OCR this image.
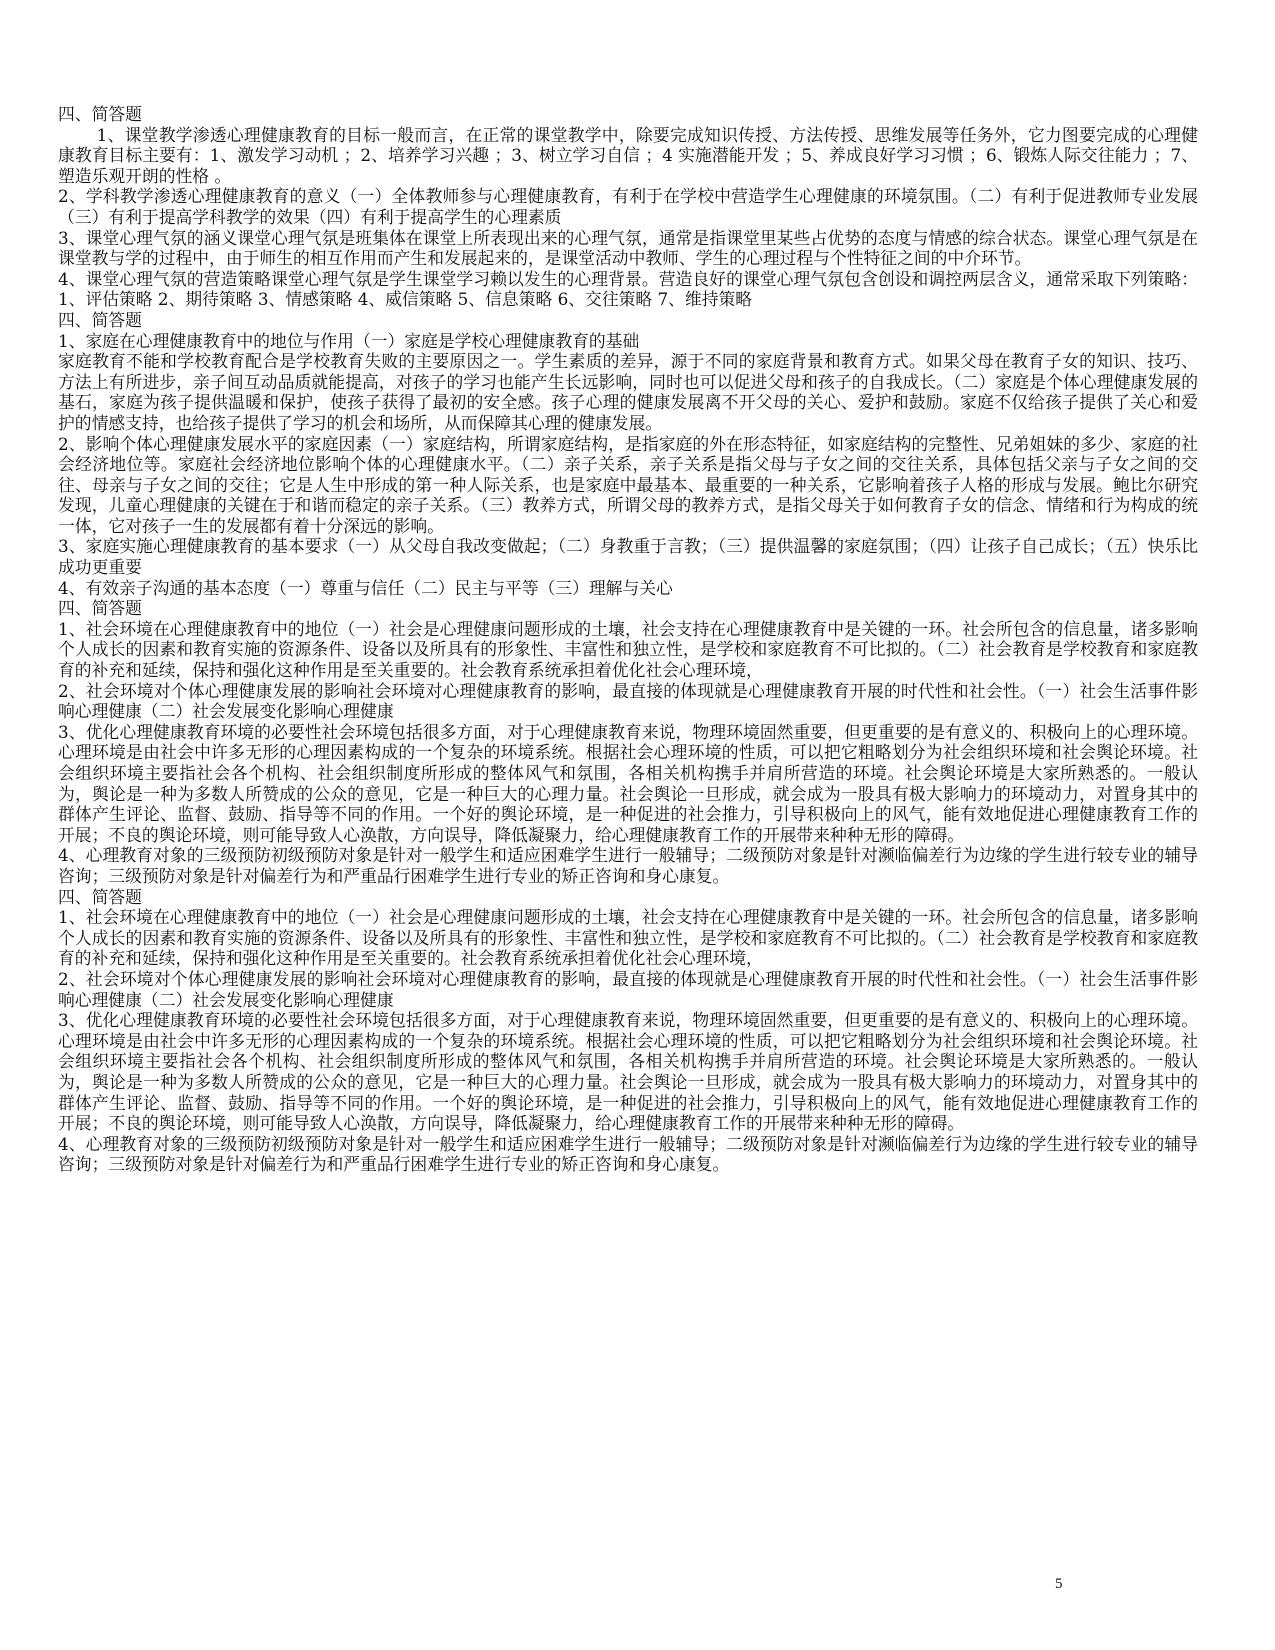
四、简答题

1、课堂教学渗透心理健康教育的目标一般而言，在正常的课堂教学中，除要完成知识传授、方法传授、思维发展等任务外，它力图要完成的心理健康教育目标主要有：1、激发学习动机 ；2、培养学习兴趣 ；3、树立学习自信 ；4 实施潜能开发 ；5、养成良好学习习惯 ；6、锻炼人际交往能力 ；7、塑造乐观开朗的性格 。

2、学科教学渗透心理健康教育的意义（一）全体教师参与心理健康教育，有利于在学校中营造学生心理健康的环境氛围。（二）有利于促进教师专业发展（三）有利于提高学科教学的效果（四）有利于提高学生的心理素质

3、课堂心理气氛的涵义课堂心理气氛是班集体在课堂上所表现出来的心理气氛，通常是指课堂里某些占优势的态度与情感的综合状态。课堂心理气氛是在课堂教与学的过程中，由于师生的相互作用而产生和发展起来的，是课堂活动中教师、学生的心理过程与个性特征之间的中介环节。

4、课堂心理气氛的营造策略课堂心理气氛是学生课堂学习赖以发生的心理背景。营造良好的课堂心理气氛包含创设和调控两层含义，通常采取下列策略：1、评估策略 2、期待策略 3、情感策略 4、威信策略 5、信息策略 6、交往策略 7、维持策略

四、简答题

1、家庭在心理健康教育中的地位与作用（一）家庭是学校心理健康教育的基础

家庭教育不能和学校教育配合是学校教育失败的主要原因之一。学生素质的差异，源于不同的家庭背景和教育方式。如果父母在教育子女的知识、技巧、方法上有所进步，亲子间互动品质就能提高，对孩子的学习也能产生长远影响，同时也可以促进父母和孩子的自我成长。（二）家庭是个体心理健康发展的基石，家庭为孩子提供温暖和保护，使孩子获得了最初的安全感。孩子心理的健康发展离不开父母的关心、爱护和鼓励。家庭不仅给孩子提供了关心和爱护的情感支持，也给孩子提供了学习的机会和场所，从而保障其心理的健康发展。

2、影响个体心理健康发展水平的家庭因素（一）家庭结构，所谓家庭结构，是指家庭的外在形态特征，如家庭结构的完整性、兄弟姐妹的多少、家庭的社会经济地位等。家庭社会经济地位影响个体的心理健康水平。（二）亲子关系，亲子关系是指父母与子女之间的交往关系，具体包括父亲与子女之间的交往、母亲与子女之间的交往；它是人生中形成的第一种人际关系，也是家庭中最基本、最重要的一种关系，它影响着孩子人格的形成与发展。鲍比尔研究发现，儿童心理健康的关键在于和谐而稳定的亲子关系。（三）教养方式，所谓父母的教养方式，是指父母关于如何教育子女的信念、情绪和行为构成的统一体，它对孩子一生的发展都有着十分深远的影响。

3、家庭实施心理健康教育的基本要求（一）从父母自我改变做起；（二）身教重于言教；（三）提供温馨的家庭氛围；（四）让孩子自己成长；（五）快乐比成功更重要

4、有效亲子沟通的基本态度（一）尊重与信任（二）民主与平等（三）理解与关心

四、简答题

1、社会环境在心理健康教育中的地位（一）社会是心理健康问题形成的土壤，社会支持在心理健康教育中是关键的一环。社会所包含的信息量，诸多影响个人成长的因素和教育实施的资源条件、设备以及所具有的形象性、丰富性和独立性，是学校和家庭教育不可比拟的。（二）社会教育是学校教育和家庭教育的补充和延续，保持和强化这种作用是至关重要的。社会教育系统承担着优化社会心理环境，

2、社会环境对个体心理健康发展的影响社会环境对心理健康教育的影响，最直接的体现就是心理健康教育开展的时代性和社会性。（一）社会生活事件影响心理健康（二）社会发展变化影响心理健康

3、优化心理健康教育环境的必要性社会环境包括很多方面，对于心理健康教育来说，物理环境固然重要，但更重要的是有意义的、积极向上的心理环境。心理环境是由社会中许多无形的心理因素构成的一个复杂的环境系统。根据社会心理环境的性质，可以把它粗略划分为社会组织环境和社会舆论环境。社会组织环境主要指社会各个机构、社会组织制度所形成的整体风气和氛围，各相关机构携手并肩所营造的环境。社会舆论环境是大家所熟悉的。一般认为，舆论是一种为多数人所赞成的公众的意见，它是一种巨大的心理力量。社会舆论一旦形成，就会成为一股具有极大影响力的环境动力，对置身其中的群体产生评论、监督、鼓励、指导等不同的作用。一个好的舆论环境，是一种促进的社会推力，引导积极向上的风气，能有效地促进心理健康教育工作的开展；不良的舆论环境，则可能导致人心涣散，方向误导，降低凝聚力，给心理健康教育工作的开展带来种种无形的障碍。

4、心理教育对象的三级预防初级预防对象是针对一般学生和适应困难学生进行一般辅导；二级预防对象是针对濒临偏差行为边缘的学生进行较专业的辅导咨询；三级预防对象是针对偏差行为和严重品行困难学生进行专业的矫正咨询和身心康复。

四、简答题

1、社会环境在心理健康教育中的地位（一）社会是心理健康问题形成的土壤，社会支持在心理健康教育中是关键的一环。社会所包含的信息量，诸多影响个人成长的因素和教育实施的资源条件、设备以及所具有的形象性、丰富性和独立性，是学校和家庭教育不可比拟的。（二）社会教育是学校教育和家庭教育的补充和延续，保持和强化这种作用是至关重要的。社会教育系统承担着优化社会心理环境，

2、社会环境对个体心理健康发展的影响社会环境对心理健康教育的影响，最直接的体现就是心理健康教育开展的时代性和社会性。（一）社会生活事件影响心理健康（二）社会发展变化影响心理健康

3、优化心理健康教育环境的必要性社会环境包括很多方面，对于心理健康教育来说，物理环境固然重要，但更重要的是有意义的、积极向上的心理环境。心理环境是由社会中许多无形的心理因素构成的一个复杂的环境系统。根据社会心理环境的性质，可以把它粗略划分为社会组织环境和社会舆论环境。社会组织环境主要指社会各个机构、社会组织制度所形成的整体风气和氛围，各相关机构携手并肩所营造的环境。社会舆论环境是大家所熟悉的。一般认为，舆论是一种为多数人所赞成的公众的意见，它是一种巨大的心理力量。社会舆论一旦形成，就会成为一股具有极大影响力的环境动力，对置身其中的群体产生评论、监督、鼓励、指导等不同的作用。一个好的舆论环境，是一种促进的社会推力，引导积极向上的风气，能有效地促进心理健康教育工作的开展；不良的舆论环境，则可能导致人心涣散，方向误导，降低凝聚力，给心理健康教育工作的开展带来种种无形的障碍。

4、心理教育对象的三级预防初级预防对象是针对一般学生和适应困难学生进行一般辅导；二级预防对象是针对濒临偏差行为边缘的学生进行较专业的辅导咨询；三级预防对象是针对偏差行为和严重品行困难学生进行专业的矫正咨询和身心康复。

5
